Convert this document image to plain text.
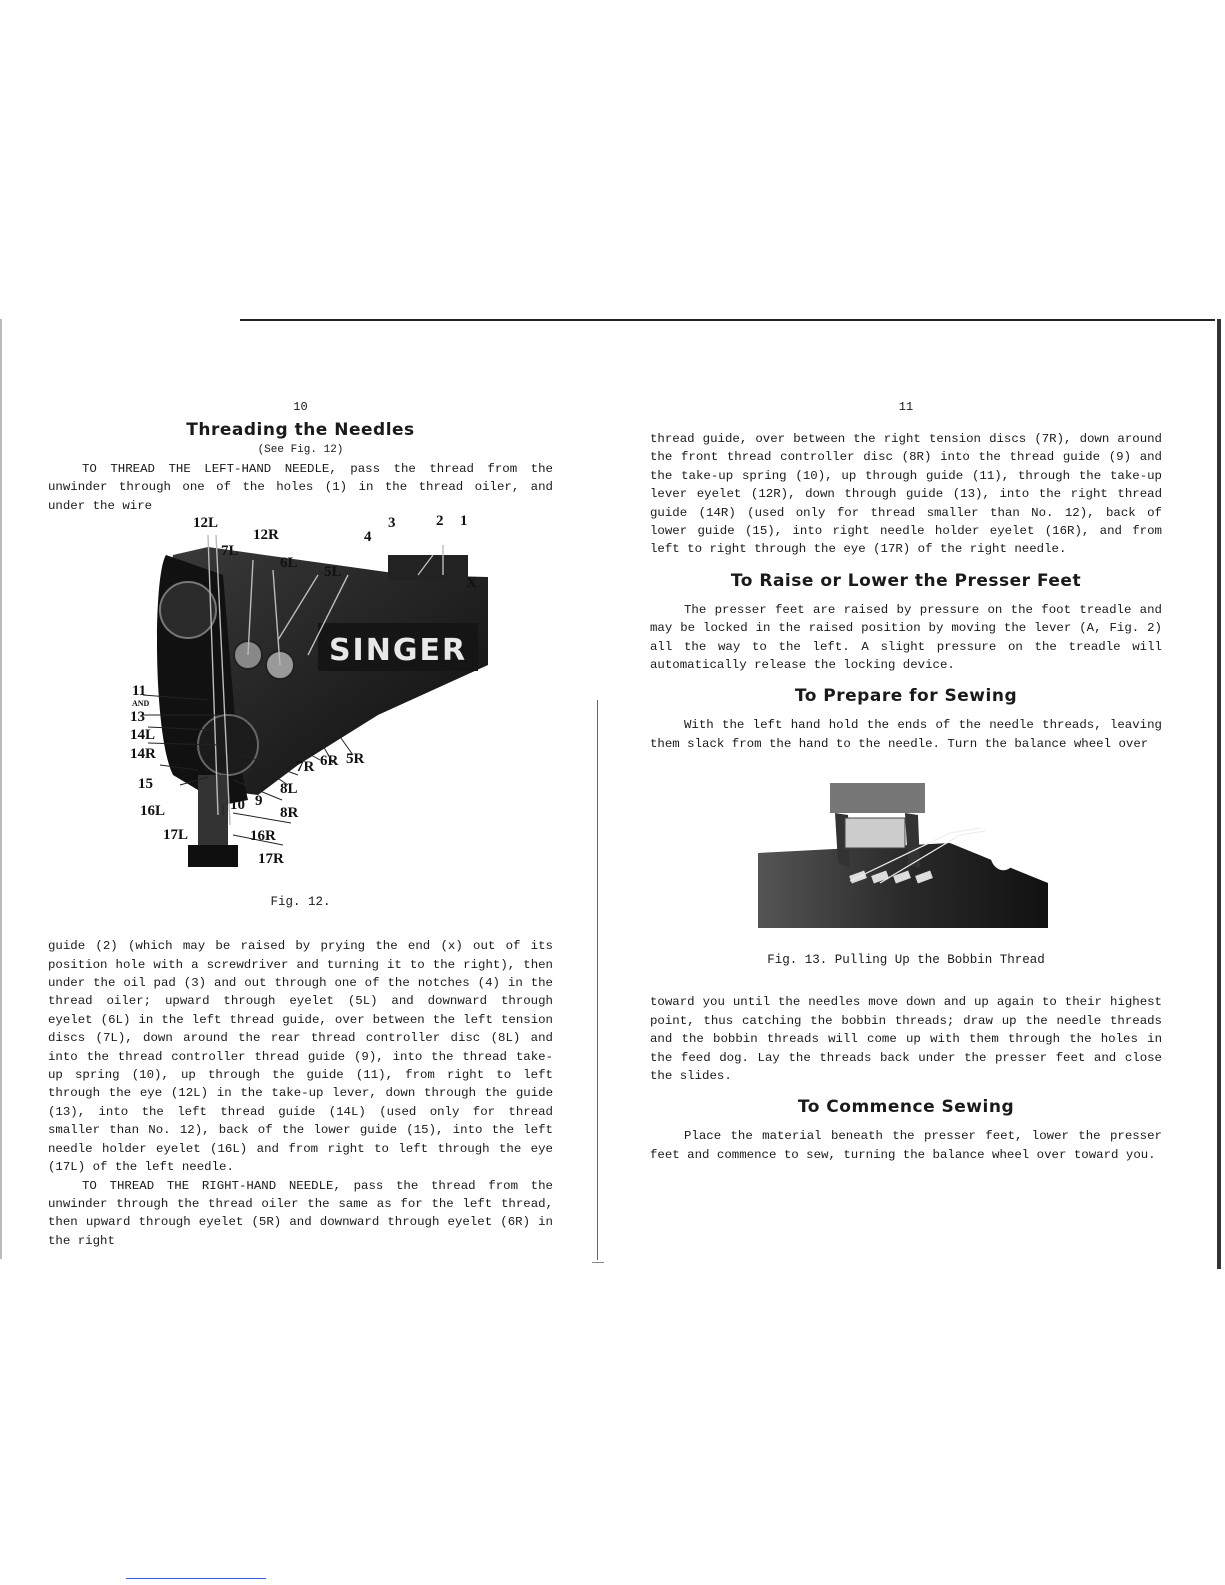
10
Threading the Needles
(See Fig. 12)

TO THREAD THE LEFT-HAND NEEDLE, pass the thread from the unwinder through one of the holes (1) in the thread oiler, and under the wire

SINGER
12L
12R
7L
6L
5L
3	2 1
4
X
11
AND
13
14L
14R
15
16L
17L
10 9
8L
8R
7R 6R 5R
16R
17R
Fig. 12.

guide (2) (which may be raised by prying the end (x) out of its position hole with a screwdriver and turning it to the right), then under the oil pad (3) and out through one of the notches (4) in the thread oiler; upward through eyelet (5L) and downward through eyelet (6L) in the left thread guide, over between the left tension discs (7L), down around the rear thread controller disc (8L) and into the thread controller thread guide (9), into the thread take-up spring (10), up through the guide (11), from right to left through the eye (12L) in the take-up lever, down through the guide (13), into the left thread guide (14L) (used only for thread smaller than No. 12), back of the lower guide (15), into the left needle holder eyelet (16L) and from right to left through the eye (17L) of the left needle.

TO THREAD THE RIGHT-HAND NEEDLE, pass the thread from the unwinder through the thread oiler the same as for the left thread, then upward through eyelet (5R) and downward through eyelet (6R) in the right

11

thread guide, over between the right tension discs (7R), down around the front thread controller disc (8R) into the thread guide (9) and the take-up spring (10), up through guide (11), through the take-up lever eyelet (12R), down through guide (13), into the right thread guide (14R) (used only for thread smaller than No. 12), back of lower guide (15), into right needle holder eyelet (16R), and from left to right through the eye (17R) of the right needle.

To Raise or Lower the Presser Feet

The presser feet are raised by pressure on the foot treadle and may be locked in the raised position by moving the lever (A, Fig. 2) all the way to the left. A slight pressure on the treadle will automatically release the locking device.

To Prepare for Sewing

With the left hand hold the ends of the needle threads, leaving them slack from the hand to the needle. Turn the balance wheel over

Fig. 13. Pulling Up the Bobbin Thread

toward you until the needles move down and up again to their highest point, thus catching the bobbin threads; draw up the needle threads and the bobbin threads will come up with them through the holes in the feed dog. Lay the threads back under the presser feet and close the slides.

To Commence Sewing

Place the material beneath the presser feet, lower the presser feet and commence to sew, turning the balance wheel over toward you.
